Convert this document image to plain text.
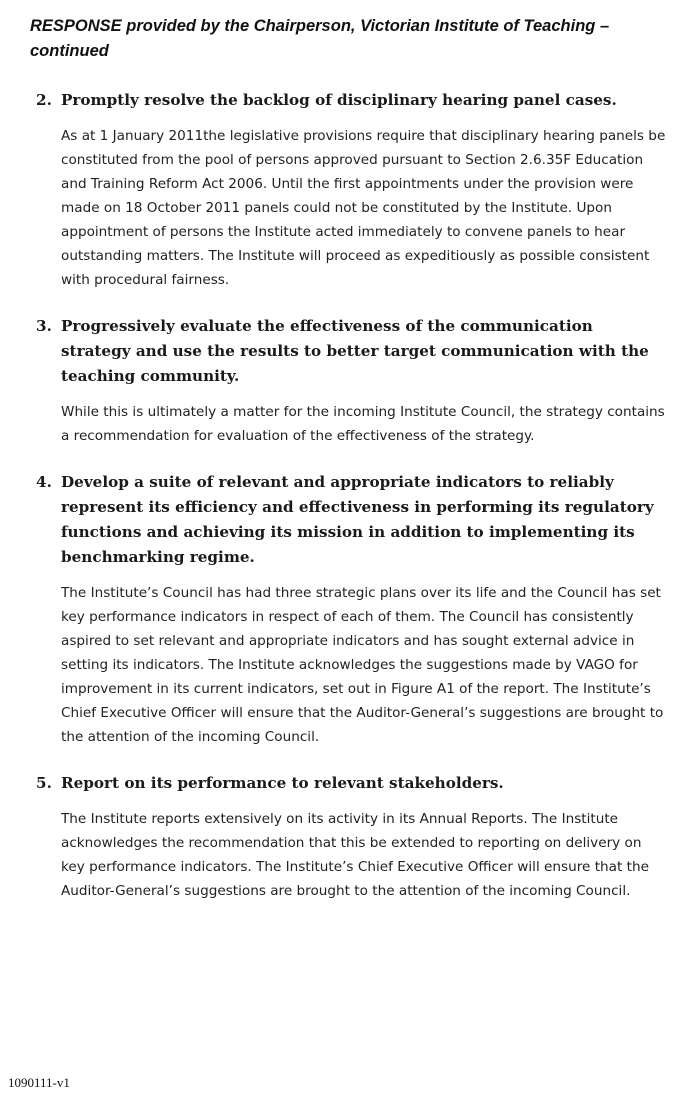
RESPONSE provided by the Chairperson, Victorian Institute of Teaching – continued
2. Promptly resolve the backlog of disciplinary hearing panel cases.
As at 1 January 2011the legislative provisions require that disciplinary hearing panels be constituted from the pool of persons approved pursuant to Section 2.6.35F Education and Training Reform Act 2006. Until the first appointments under the provision were made on 18 October 2011 panels could not be constituted by the Institute. Upon appointment of persons the Institute acted immediately to convene panels to hear outstanding matters. The Institute will proceed as expeditiously as possible consistent with procedural fairness.
3. Progressively evaluate the effectiveness of the communication strategy and use the results to better target communication with the teaching community.
While this is ultimately a matter for the incoming Institute Council, the strategy contains a recommendation for evaluation of the effectiveness of the strategy.
4. Develop a suite of relevant and appropriate indicators to reliably represent its efficiency and effectiveness in performing its regulatory functions and achieving its mission in addition to implementing its benchmarking regime.
The Institute’s Council has had three strategic plans over its life and the Council has set key performance indicators in respect of each of them. The Council has consistently aspired to set relevant and appropriate indicators and has sought external advice in setting its indicators. The Institute acknowledges the suggestions made by VAGO for improvement in its current indicators, set out in Figure A1 of the report. The Institute’s Chief Executive Officer will ensure that the Auditor-General’s suggestions are brought to the attention of the incoming Council.
5. Report on its performance to relevant stakeholders.
The Institute reports extensively on its activity in its Annual Reports. The Institute acknowledges the recommendation that this be extended to reporting on delivery on key performance indicators. The Institute’s Chief Executive Officer will ensure that the Auditor-General’s suggestions are brought to the attention of the incoming Council.
1090111-v1
